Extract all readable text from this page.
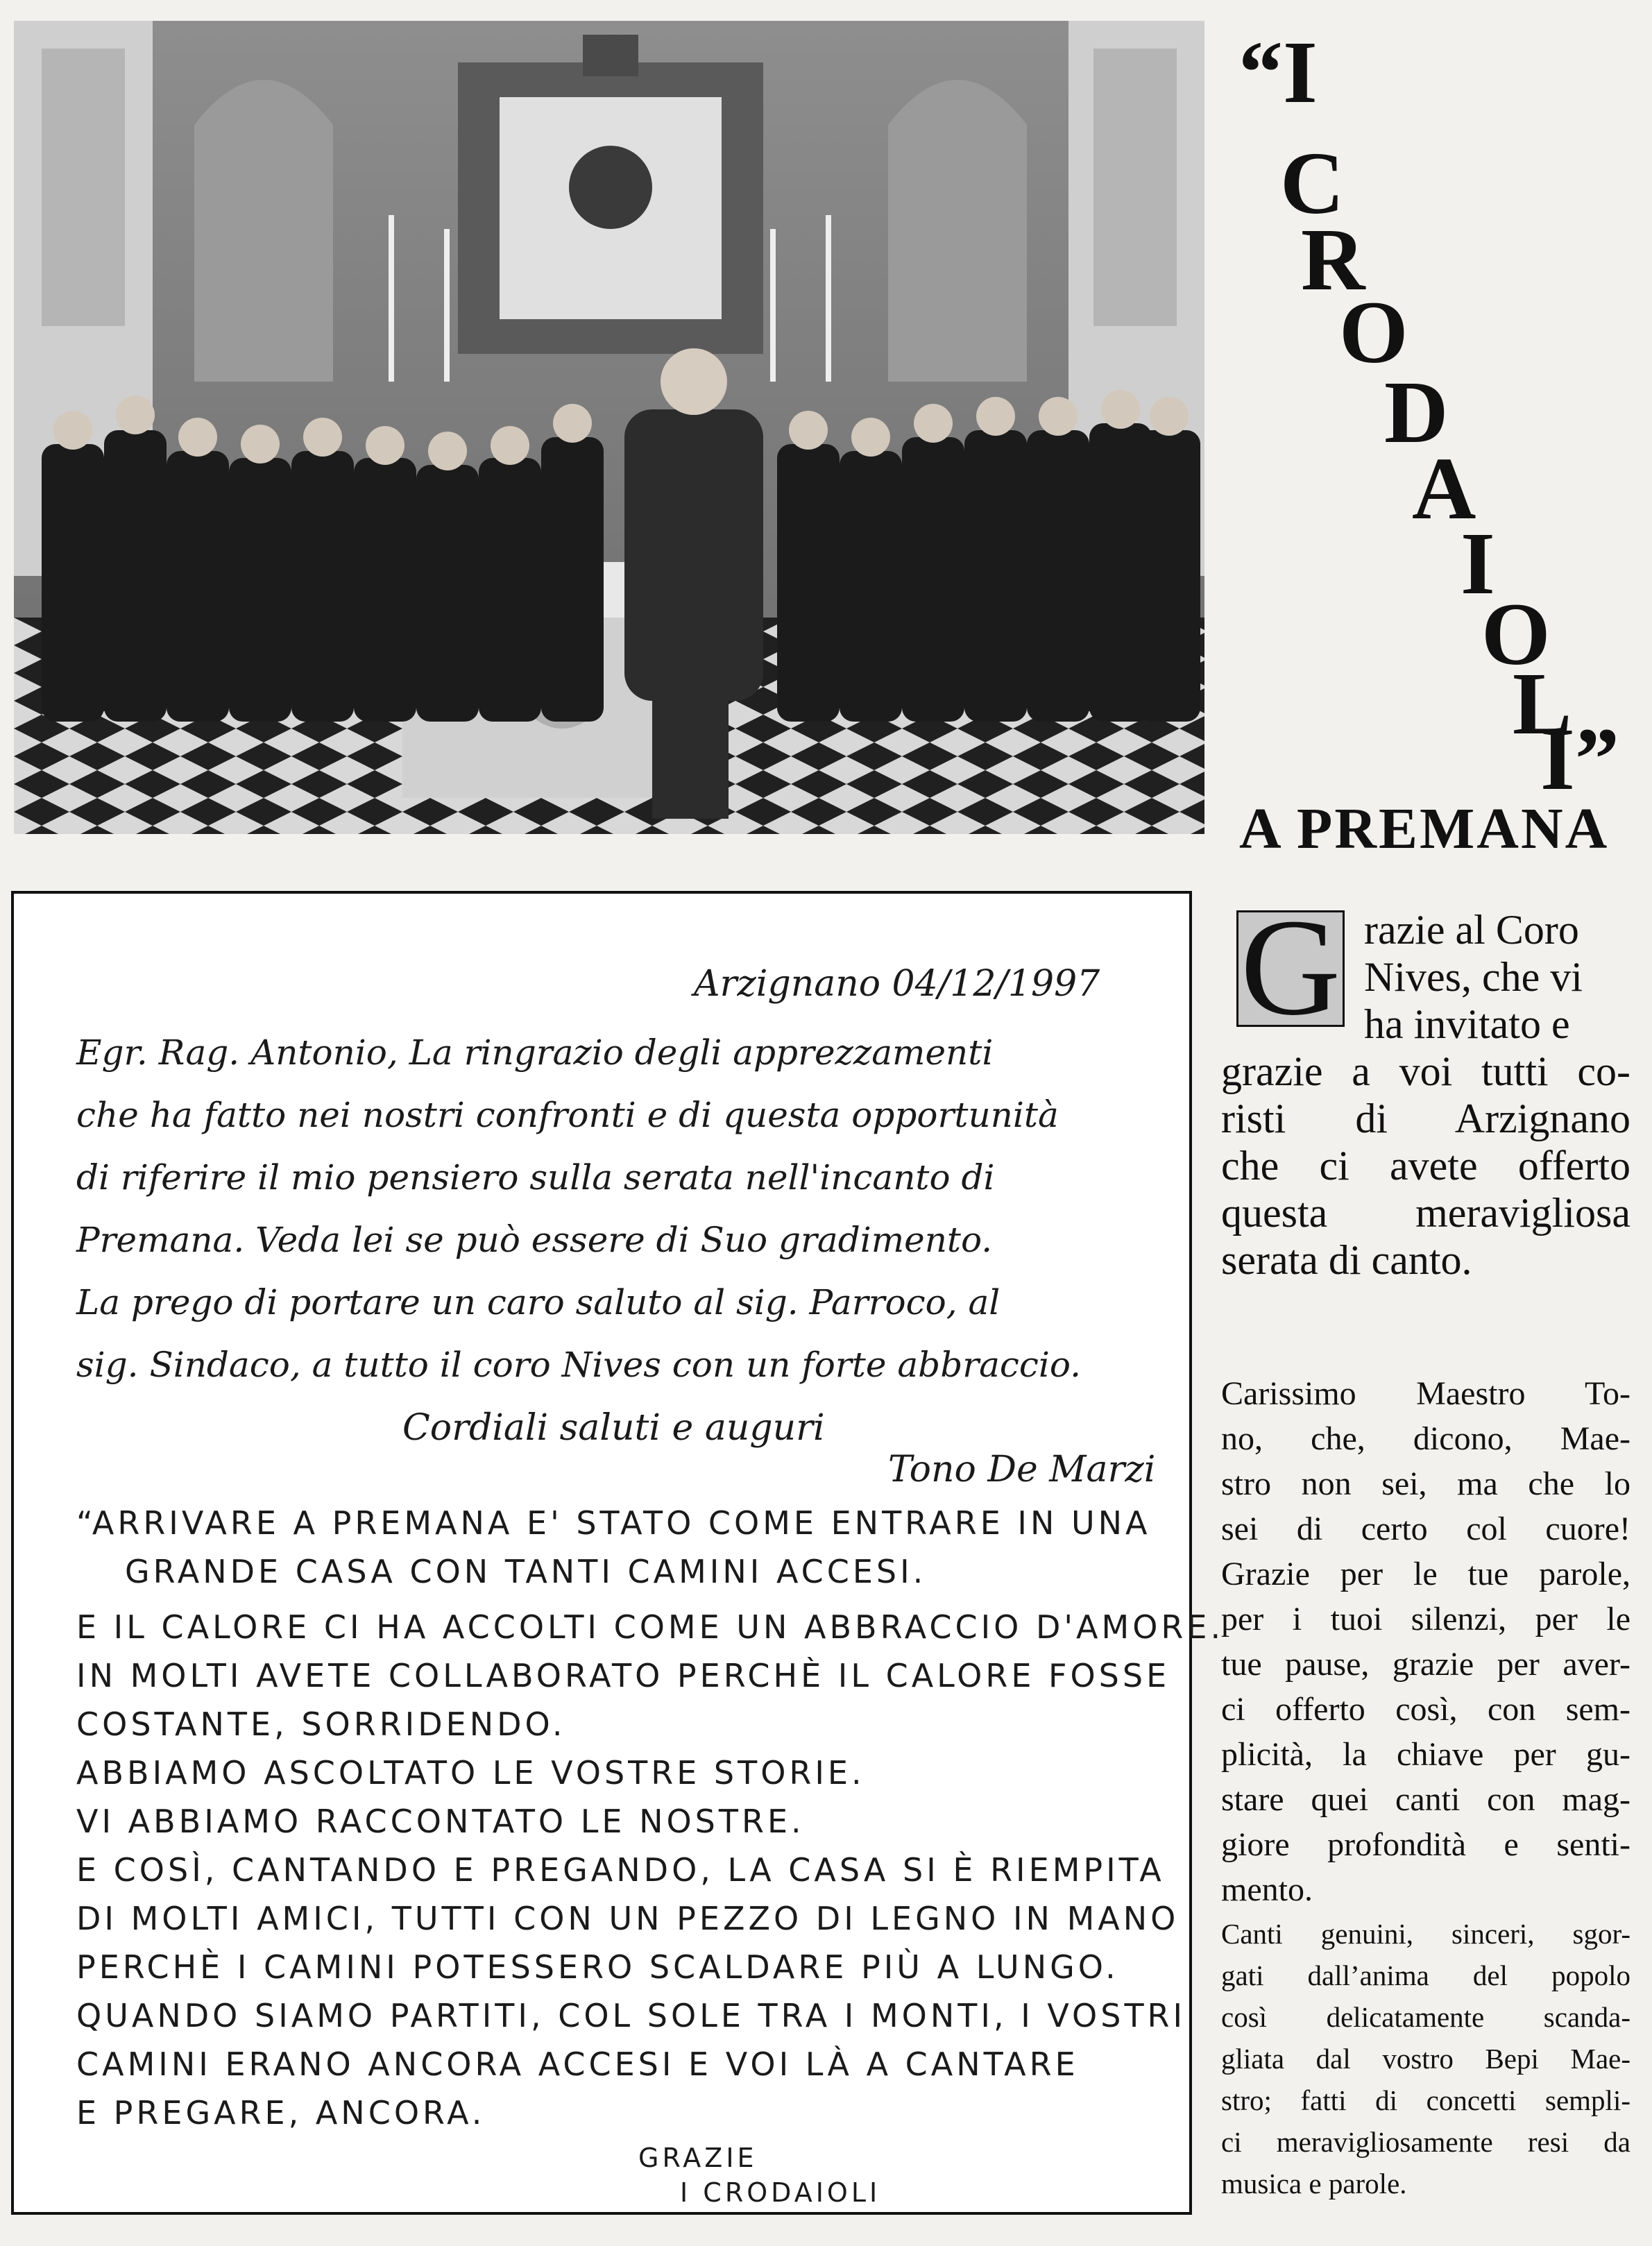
“I
C
R
O
D
A
I
O
L
I”
A PREMANA
G razie al Coro
Nives, che vi
ha invitato e
grazie a voi tutti co-
risti di Arzignano
che ci avete offerto
questa meravigliosa
serata di canto.
Carissimo Maestro To-
no, che, dicono, Mae-
stro non sei, ma che lo
sei di certo col cuore!
Grazie per le tue parole,
per i tuoi silenzi, per le
tue pause, grazie per aver-
ci offerto così, con sem-
plicità, la chiave per gu-
stare quei canti con mag-
giore profondità e senti-
mento.
Canti genuini, sinceri, sgor-
gati dall’anima del popolo
così delicatamente scanda-
gliata dal vostro Bepi Mae-
stro; fatti di concetti sempli-
ci meravigliosamente resi da
musica e parole.
Arzignano 04/12/1997
Egr. Rag. Antonio, La ringrazio degli apprezzamenti
che ha fatto nei nostri confronti e di questa opportunità
di riferire il mio pensiero sulla serata nell'incanto di
Premana. Veda lei se può essere di Suo gradimento.
La prego di portare un caro saluto al sig. Parroco, al
sig. Sindaco, a tutto il coro Nives con un forte abbraccio.
Cordiali saluti e auguri
Tono De Marzi
“ARRIVARE A PREMANA E' STATO COME ENTRARE IN UNA
GRANDE CASA CON TANTI CAMINI ACCESI.
E IL CALORE CI HA ACCOLTI COME UN ABBRACCIO D'AMORE.
IN MOLTI AVETE COLLABORATO PERCHÈ IL CALORE FOSSE
COSTANTE, SORRIDENDO.
ABBIAMO ASCOLTATO LE VOSTRE STORIE.
VI ABBIAMO RACCONTATO LE NOSTRE.
E COSÌ, CANTANDO E PREGANDO, LA CASA SI È RIEMPITA
DI MOLTI AMICI, TUTTI CON UN PEZZO DI LEGNO IN MANO
PERCHÈ I CAMINI POTESSERO SCALDARE PIÙ A LUNGO.
QUANDO SIAMO PARTITI, COL SOLE TRA I MONTI, I VOSTRI
CAMINI ERANO ANCORA ACCESI E VOI LÀ A CANTARE
E PREGARE, ANCORA.
GRAZIE
I CRODAIOLI
